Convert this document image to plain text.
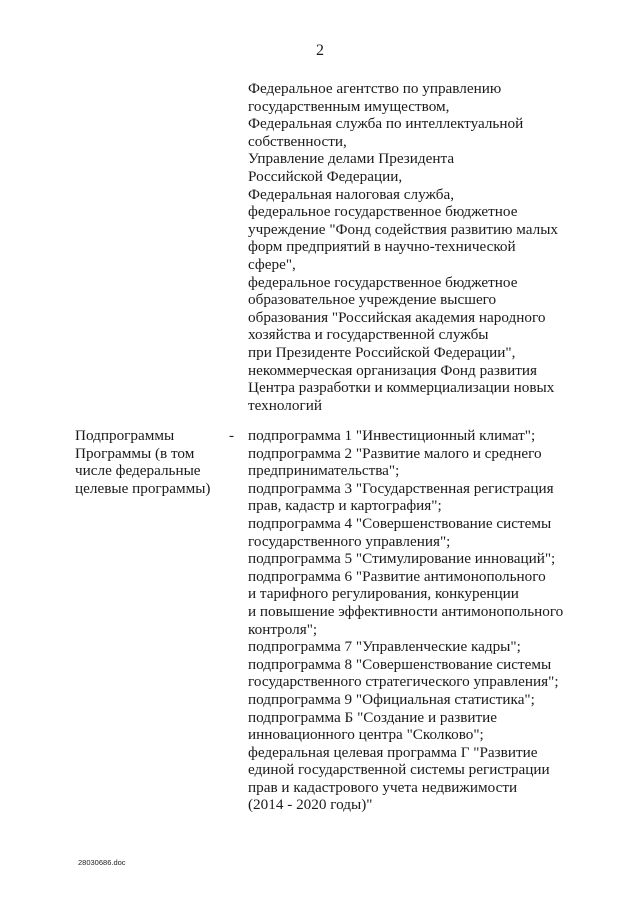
2
Федеральное агентство по управлению
государственным имуществом,
Федеральная служба по интеллектуальной
собственности,
Управление делами Президента
Российской Федерации,
Федеральная налоговая служба,
федеральное государственное бюджетное
учреждение "Фонд содействия развитию малых
форм предприятий в научно-технической
сфере",
федеральное государственное бюджетное
образовательное учреждение высшего
образования "Российская академия народного
хозяйства и государственной службы
при Президенте Российской Федерации",
некоммерческая организация Фонд развития
Центра разработки и коммерциализации новых
технологий
Подпрограммы
Программы (в том
числе федеральные
целевые программы)
- подпрограмма 1 "Инвестиционный климат";
подпрограмма 2 "Развитие малого и среднего
предпринимательства";
подпрограмма 3 "Государственная регистрация
прав, кадастр и картография";
подпрограмма 4 "Совершенствование системы
государственного управления";
подпрограмма 5 "Стимулирование инноваций";
подпрограмма 6 "Развитие антимонопольного
и тарифного регулирования, конкуренции
и повышение эффективности антимонопольного
контроля";
подпрограмма 7 "Управленческие кадры";
подпрограмма 8 "Совершенствование системы
государственного стратегического управления";
подпрограмма 9 "Официальная статистика";
подпрограмма Б "Создание и развитие
инновационного центра "Сколково";
федеральная целевая программа Г "Развитие
единой государственной системы регистрации
прав и кадастрового учета недвижимости
(2014 - 2020 годы)"
28030686.doc
